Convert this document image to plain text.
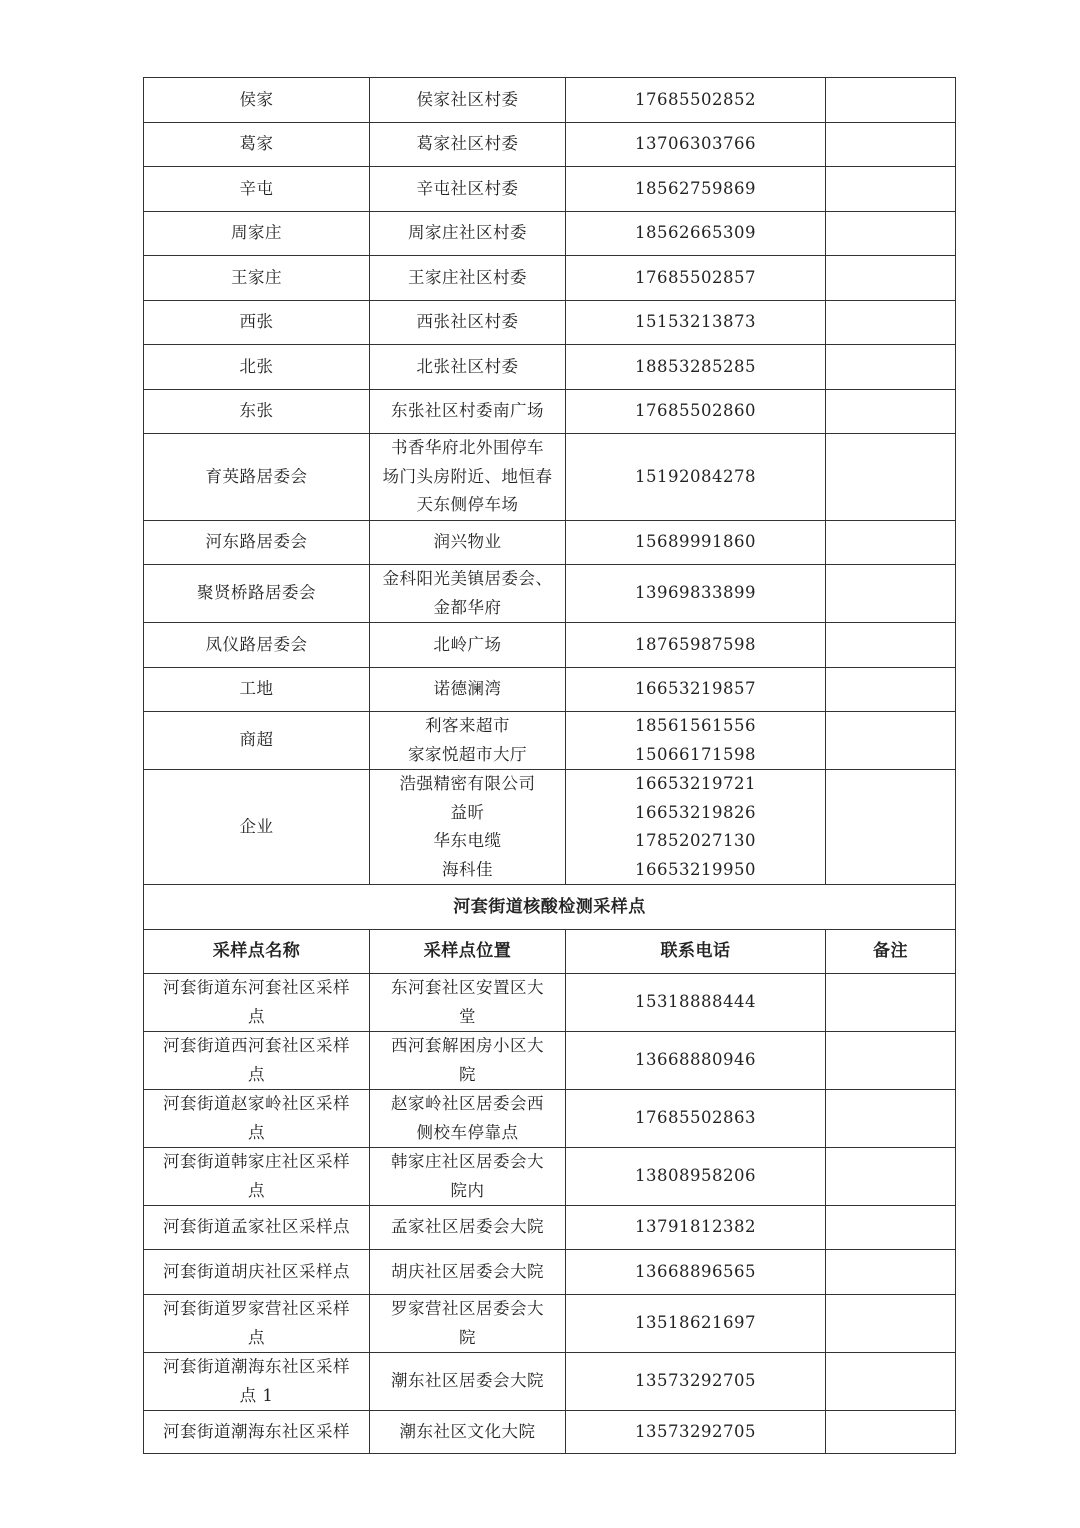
侯家	侯家社区村委	17685502852	

葛家	葛家社区村委	13706303766	

辛屯	辛屯社区村委	18562759869	

周家庄	周家庄社区村委	18562665309	

王家庄	王家庄社区村委	17685502857	

西张	西张社区村委	15153213873	

北张	北张社区村委	18853285285	

东张	东张社区村委南广场	17685502860	

育英路居委会	书香华府北外围停车
场门头房附近、地恒春
天东侧停车场	15192084278	

河东路居委会	润兴物业	15689991860	

聚贤桥路居委会	金科阳光美镇居委会、
金都华府	13969833899	

凤仪路居委会	北岭广场	18765987598	

工地	诺德澜湾	16653219857	

商超	利客来超市
家家悦超市大厅	18561561556
15066171598	

企业	浩强精密有限公司
益昕
华东电缆
海科佳	16653219721
16653219826
17852027130
16653219950	

河套街道核酸检测采样点			
采样点名称	采样点位置	联系电话	备注

河套街道东河套社区采样
点	东河套社区安置区大
堂	15318888444	

河套街道西河套社区采样
点	西河套解困房小区大
院	13668880946	

河套街道赵家岭社区采样
点	赵家岭社区居委会西
侧校车停靠点	17685502863	

河套街道韩家庄社区采样
点	韩家庄社区居委会大
院内	13808958206	

河套街道孟家社区采样点	孟家社区居委会大院	13791812382	

河套街道胡庆社区采样点	胡庆社区居委会大院	13668896565	

河套街道罗家营社区采样
点	罗家营社区居委会大
院	13518621697	

河套街道潮海东社区采样
点 1	潮东社区居委会大院	13573292705	

河套街道潮海东社区采样	潮东社区文化大院	13573292705	
